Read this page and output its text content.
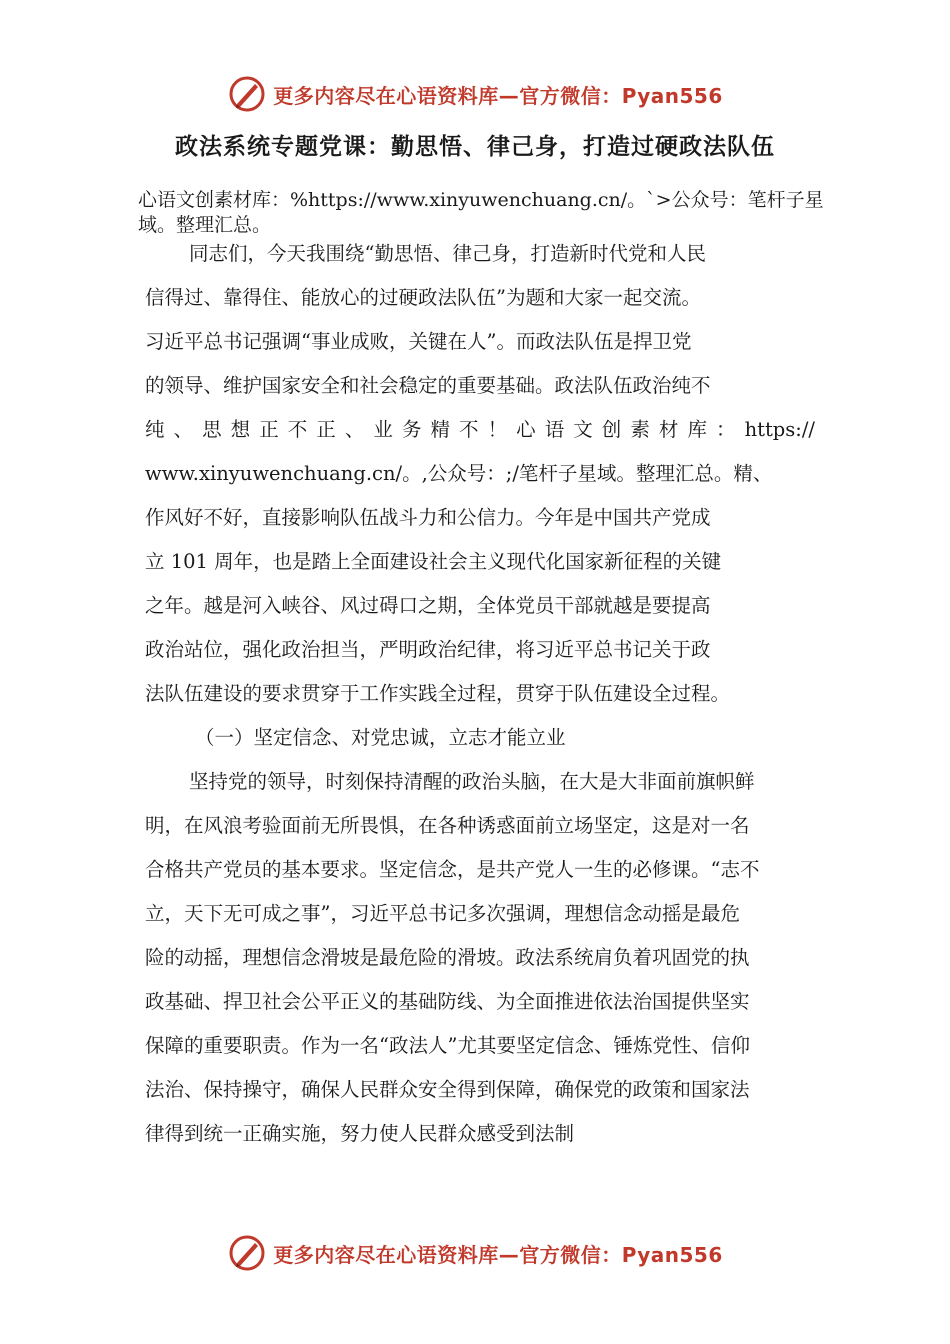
更多内容尽在心语资料库—官方微信：Pyan556
政法系统专题党课：勤思悟、律己身，打造过硬政法队伍

心语文创素材库：%https://www.xinyuwenchuang.cn/。`>公众号：笔杆子星域。整理汇总。

同志们，今天我围绕“勤思悟、律己身，打造新时代党和人民
信得过、靠得住、能放心的过硬政法队伍”为题和大家一起交流。
习近平总书记强调“事业成败，关键在人”。而政法队伍是捍卫党
的领导、维护国家安全和社会稳定的重要基础。政法队伍政治纯不
纯、思想正不正、业务精不！心语文创素材库：https://
www.xinyuwenchuang.cn/。,公众号：;/笔杆子星域。整理汇总。精、
作风好不好，直接影响队伍战斗力和公信力。今年是中国共产党成
立 101 周年，也是踏上全面建设社会主义现代化国家新征程的关键
之年。越是河入峡谷、风过碍口之期，全体党员干部就越是要提高
政治站位，强化政治担当，严明政治纪律，将习近平总书记关于政
法队伍建设的要求贯穿于工作实践全过程，贯穿于队伍建设全过程。
（一）坚定信念、对党忠诚，立志才能立业
坚持党的领导，时刻保持清醒的政治头脑，在大是大非面前旗帜鲜
明，在风浪考验面前无所畏惧，在各种诱惑面前立场坚定，这是对一名
合格共产党员的基本要求。坚定信念，是共产党人一生的必修课。“志不
立，天下无可成之事”，习近平总书记多次强调，理想信念动摇是最危
险的动摇，理想信念滑坡是最危险的滑坡。政法系统肩负着巩固党的执
政基础、捍卫社会公平正义的基础防线、为全面推进依法治国提供坚实
保障的重要职责。作为一名“政法人”尤其要坚定信念、锤炼党性、信仰
法治、保持操守，确保人民群众安全得到保障，确保党的政策和国家法
律得到统一正确实施，努力使人民群众感受到法制
更多内容尽在心语资料库—官方微信：Pyan556
